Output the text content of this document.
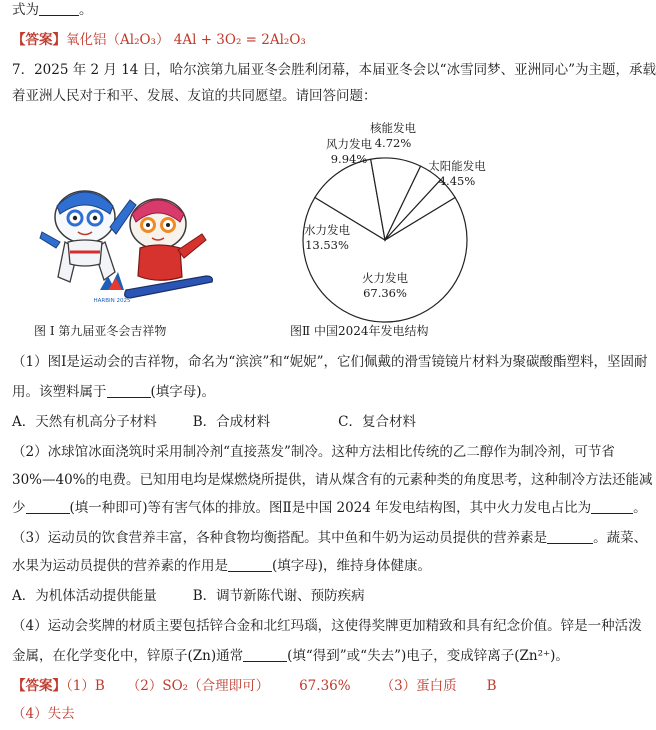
式为	。
【答案】氧化铝（Al₂O₃） 4Al + 3O₂ = 2Al₂O₃
7．2025 年 2 月 14 日，哈尔滨第九届亚冬会胜利闭幕，本届亚冬会以“冰雪同梦、亚洲同心”为主题，承载
着亚洲人民对于和平、发展、友谊的共同愿望。请回答问题：
HARBIN 2025
火力发电
67.36%
水力发电
13.53%
风力发电
9.94%
核能发电
4.72%
太阳能发电
4.45%
图 Ⅰ 第九届亚冬会吉祥物	图Ⅱ 中国2024年发电结构
（1）图Ⅰ是运动会的吉祥物，命名为“滨滨”和“妮妮”，它们佩戴的滑雪镜镜片材料为聚碳酸酯塑料，坚固耐
用。该塑料属于	(填字母)。
A．天然有机高分子材料	B．合成材料	C．复合材料
（2）冰球馆冰面浇筑时采用制冷剂“直接蒸发”制冷。这种方法相比传统的乙二醇作为制冷剂，可节省
30%—40%的电费。已知用电均是煤燃烧所提供，请从煤含有的元素种类的角度思考，这种制冷方法还能减
少	(填一种即可)等有害气体的排放。图Ⅱ是中国 2024 年发电结构图，其中火力发电占比为	。
（3）运动员的饮食营养丰富，各种食物均衡搭配。其中鱼和牛奶为运动员提供的营养素是	。蔬菜、
水果为运动员提供的营养素的作用是	(填字母)，维持身体健康。
A．为机体活动提供能量	B．调节新陈代谢、预防疾病
（4）运动会奖牌的材质主要包括锌合金和北红玛瑙，这使得奖牌更加精致和具有纪念价值。锌是一种活泼
金属，在化学变化中，锌原子(Zn)通常	(填“得到”或“失去”)电子，变成锌离子(Zn²⁺)。
【答案】（1）B （2）SO₂（合理即可） 67.36% （3）蛋白质 B
（4）失去
